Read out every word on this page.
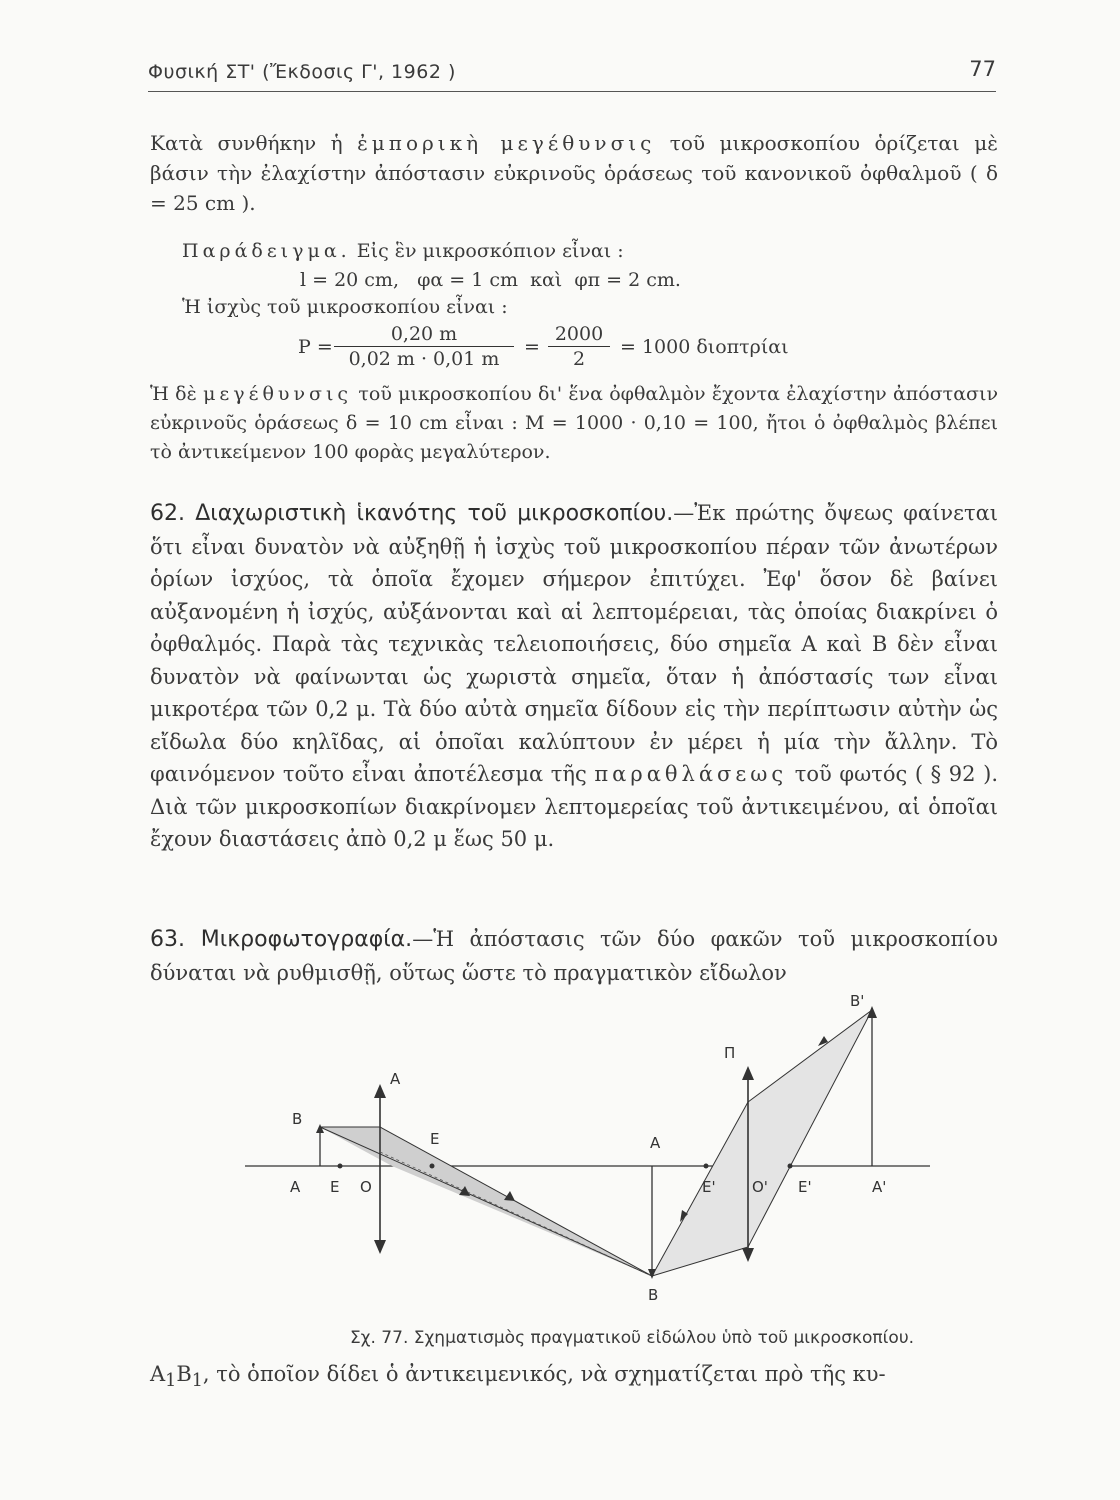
Φυσική ΣΤ' (Ἔκδοσις Γ', 1962 )	77

Κατὰ συνθήκην ἡ ἐμπορικὴ μεγέθυνσις τοῦ μικροσκοπίου ὁρίζεται μὲ βάσιν τὴν ἐλαχίστην ἀπόστασιν εὐκρινοῦς ὁράσεως τοῦ κανονικοῦ ὀφθαλμοῦ ( δ = 25 cm ).

Παράδειγμα. Εἰς ἓν μικροσκόπιον εἶναι :
l = 20 cm,   φα = 1 cm  καὶ  φπ = 2 cm.
Ἡ ἰσχὺς τοῦ μικροσκοπίου εἶναι :
$P = \frac{0,20 m}{0,02 m \cdot 0,01 m} = \frac{2000}{2} = 1000$ διοπτρίαι

Ἡ δὲ μεγέθυνσις τοῦ μικροσκοπίου δι' ἕνα ὀφθαλμὸν ἔχοντα ἐλαχίστην ἀπόστασιν εὐκρινοῦς ὁράσεως δ = 10 cm εἶναι : Μ = 1000 · 0,10 = 100, ἤτοι ὁ ὀφθαλμὸς βλέπει τὸ ἀντικείμενον 100 φορὰς μεγαλύτερον.

62. Διαχωριστικὴ ἱκανότης τοῦ μικροσκοπίου.—Ἐκ πρώτης ὄψεως φαίνεται ὅτι εἶναι δυνατὸν νὰ αὐξηθῇ ἡ ἰσχὺς τοῦ μικροσκοπίου πέραν τῶν ἀνωτέρων ὁρίων ἰσχύος, τὰ ὁποῖα ἔχομεν σήμερον ἐπιτύχει. Ἐφ' ὅσον δὲ βαίνει αὐξανομένη ἡ ἰσχύς, αὐξάνονται καὶ αἱ λεπτομέρειαι, τὰς ὁποίας διακρίνει ὁ ὀφθαλμός. Παρὰ τὰς τεχνικὰς τελειοποιήσεις, δύο σημεῖα Α καὶ Β δὲν εἶναι δυνατὸν νὰ φαίνωνται ὡς χωριστὰ σημεῖα, ὅταν ἡ ἀπόστασίς των εἶναι μικροτέρα τῶν 0,2 μ. Τὰ δύο αὐτὰ σημεῖα δίδουν εἰς τὴν περίπτωσιν αὐτὴν ὡς εἴδωλα δύο κηλῖδας, αἱ ὁποῖαι καλύπτουν ἐν μέρει ἡ μία τὴν ἄλλην. Τὸ φαινόμενον τοῦτο εἶναι ἀποτέλεσμα τῆς παραθλάσεως τοῦ φωτός ( § 92 ). Διὰ τῶν μικροσκοπίων διακρίνομεν λεπτομερείας τοῦ ἀντικειμένου, αἱ ὁποῖαι ἔχουν διαστάσεις ἀπὸ 0,2 μ ἕως 50 μ.

63. Μικροφωτογραφία.—Ἡ ἀπόστασις τῶν δύο φακῶν τοῦ μικροσκοπίου δύναται νὰ ρυθμισθῇ, οὕτως ὥστε τὸ πραγματικὸν εἴδωλον

Α
Β
Α Ε Ο
Ε	Α
Β
Ε' Ο' Ε'	Α'
Β'
Π
Σχ. 77. Σχηματισμὸς πραγματικοῦ εἰδώλου ὑπὸ τοῦ μικροσκοπίου.

$A_1B_1$, τὸ ὁποῖον δίδει ὁ ἀντικειμενικός, νὰ σχηματίζεται πρὸ τῆς κυ-
